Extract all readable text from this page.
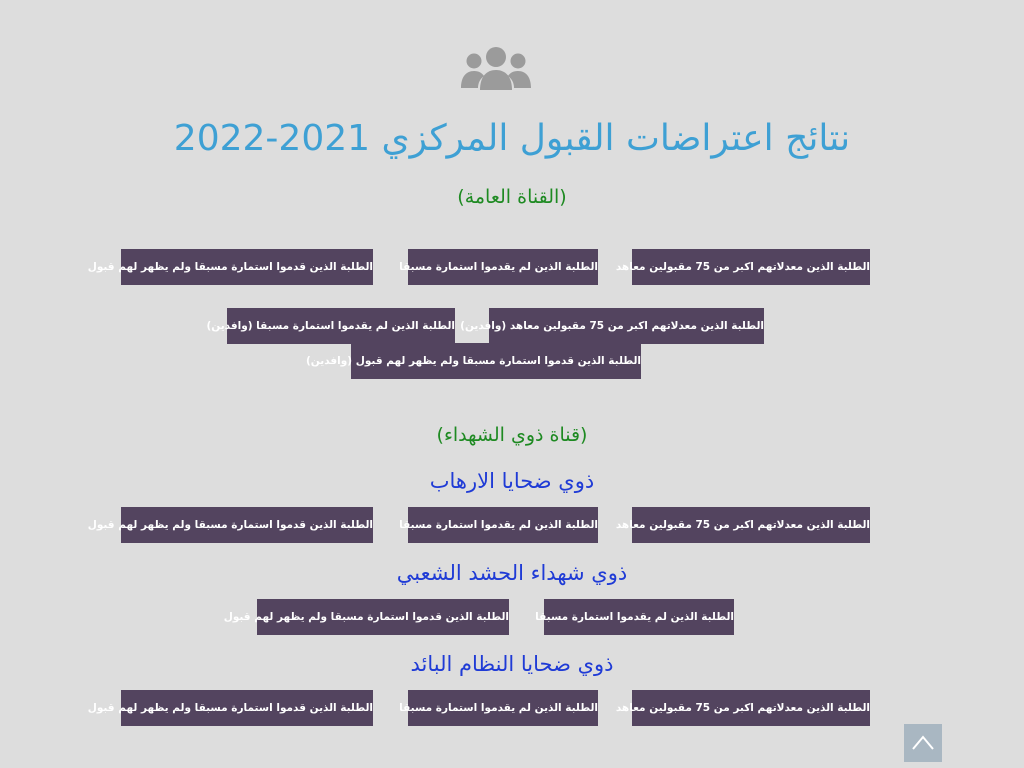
نتائج اعتراضات القبول المركزي 2021-2022
(القناة العامة)
الطلبة الذين معدلاتهم اكبر من 75 مقبولين معاهد
الطلبة الذين لم يقدموا استمارة مسبقا
الطلبة الذين قدموا استمارة مسبقا ولم يظهر لهم قبول
الطلبة الذين معدلاتهم اكبر من 75 مقبولين معاهد (وافدين)
الطلبة الذين لم يقدموا استمارة مسبقا (وافدين)
الطلبة الذين قدموا استمارة مسبقا ولم يظهر لهم قبول (وافدين)
(قناة ذوي الشهداء)
ذوي ضحايا الارهاب
الطلبة الذين معدلاتهم اكبر من 75 مقبولين معاهد
الطلبة الذين لم يقدموا استمارة مسبقا
الطلبة الذين قدموا استمارة مسبقا ولم يظهر لهم قبول
ذوي شهداء الحشد الشعبي
الطلبة الذين لم يقدموا استمارة مسبقا
الطلبة الذين قدموا استمارة مسبقا ولم يظهر لهم قبول
ذوي ضحايا النظام البائد
الطلبة الذين معدلاتهم اكبر من 75 مقبولين معاهد
الطلبة الذين لم يقدموا استمارة مسبقا
الطلبة الذين قدموا استمارة مسبقا ولم يظهر لهم قبول
